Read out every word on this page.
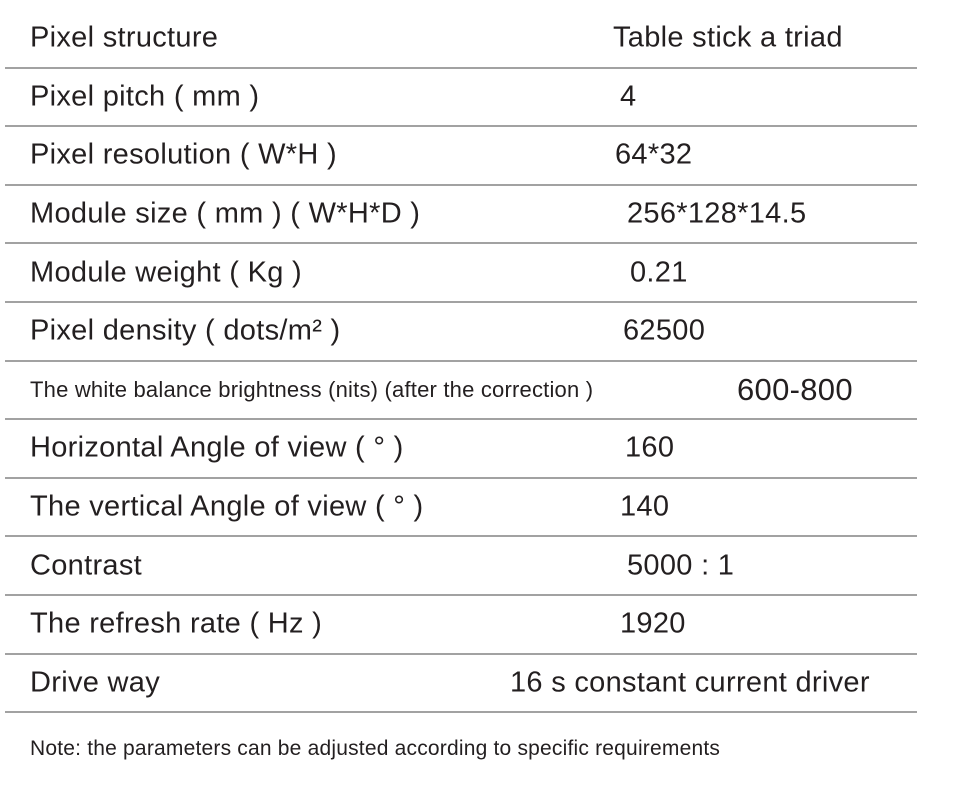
Pixel structure	Table stick a triad
Pixel pitch ( mm )	4
Pixel resolution ( W*H )	64*32
Module size ( mm ) ( W*H*D )	256*128*14.5
Module weight ( Kg )	0.21
Pixel density ( dots/m² )	62500
The white balance brightness (nits) (after the correction )	600-800
Horizontal Angle of view ( ° )	160
The vertical Angle of view ( ° )	140
Contrast	5000 : 1
The refresh rate ( Hz )	1920
Drive way	16 s constant current driver
Note: the parameters can be adjusted according to specific requirements
